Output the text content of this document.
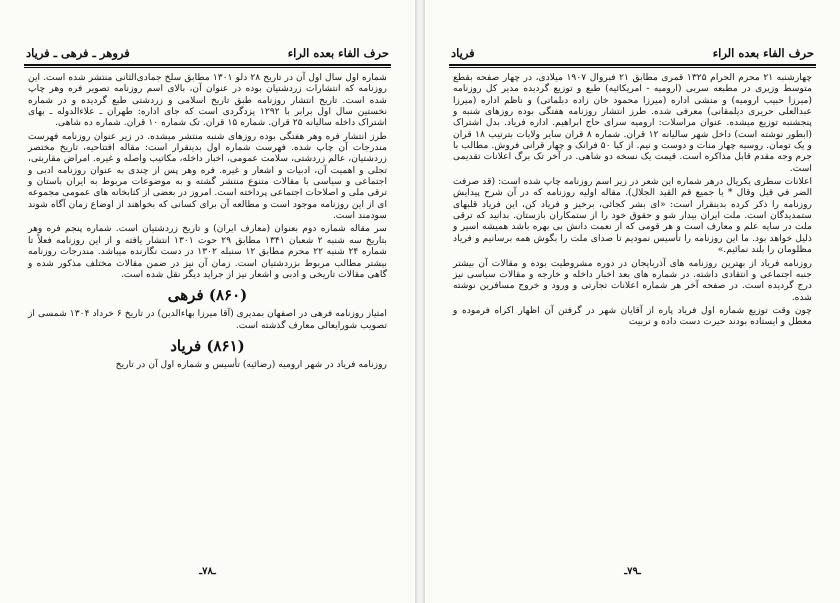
حرف الفاء بعده الراء
فروهر ـ فرهی ـ فریاد

شماره اول سال اول آن در تاریخ ۲۸ دلو ۱۳۰۱ مطابق سلخ جمادی‌الثانی منتشر شده است. این روزنامه که انتشارات زردشتیان بوده در عنوان آن، بالای اسم روزنامه تصویر فره وهر چاپ شده است. تاریخ انتشار روزنامه طبق تاریخ اسلامی و زردشتی طبع گردیده و در شماره نخستین سال اول برابر با ۱۲۹۲ یزدگردی است که جای اداره: طهران ـ علاءالدوله ـ بهای اشتراک داخله سالیانه ۲۵ قران. شماره ۱۵ قران. تک شماره ۱۰ قران. شماره ده شاهی.

طرز انتشار فره وهر هفتگی بوده روزهای شنبه منتشر میشده. در زیر عنوان روزنامه فهرست مندرجات آن چاپ شده. فهرست شماره اول بدینقرار است: مقاله افتتاحیه، تاریخ مختصر زردشتیان، عالم زردشتی، سلامت عمومی، اخبار داخله، مکاتیب واصله و غیره. امراض مقاربتی، تجلی و اهمیت آن، ادبیات و اشعار و غیره. فره وهر پس از چندی به عنوان روزنامه ادبی و اجتماعی و سیاسی با مقالات متنوع منتشر گشته و به موضوعات مربوط به ایران باستان و ترقی ملی و اصلاحات اجتماعی پرداخته است. امروز در بعضی از کتابخانه های عمومی مجموعه ای از این روزنامه موجود است و مطالعه آن برای کسانی که بخواهند از اوضاع زمان آگاه شوند سودمند است.

سر مقاله شماره دوم بعنوان (معارف ایران) و تاریخ زردشتیان است. شماره پنجم فره وهر بتاریخ سه شنبه ۲ شعبان ۱۳۴۱ مطابق ۲۹ حوت ۱۳۰۱ انتشار یافته و از این روزنامه فعلاً تا شماره ۲۴ شنبه ۲۲ محرم مطابق ۱۲ سنبله ۱۳۰۲ در دست نگارنده میباشد. مندرجات روزنامه بیشتر مطالب مربوط بزردشتیان است. زمان آن نیز در ضمن مقالات مختلف مذکور شده و گاهی مقالات تاریخی و ادبی و اشعار نیز از جراید دیگر نقل شده است.

(۸۶۰) فرهی

امتیاز روزنامه فرهی در اصفهان بمدیری (آقا میرزا بهاءالدین) در تاریخ ۶ خرداد ۱۳۰۴ شمسی از تصویب شورایعالی معارف گذشته است.

(۸۶۱) فریاد

روزنامه فریاد در شهر ارومیه (رضائیه) تأسیس و شماره اول آن در تاریخ

ـ۷۸ـ
حرف الفاء بعده الراء
فریاد

چهارشنبه ۲۱ محرم الحرام ۱۳۲۵ قمری مطابق ۲۱ فبروال ۱۹۰۷ میلادی، در چهار صفحه بقطع متوسط وزیری در مطبعه سربی (ارومیه - امریکائیه) طبع و توزیع گردیده مدیر کل روزنامه (میرزا حبیب ارومیه) و منشی اداره (میرزا محمود خان زاده دبلماتی) و ناظم اداره (میرزا عبدالعلی حریری دیلمقانی) معرفی شده. طرز انتشار روزنامه هفتگی بوده روزهای شنبه و پنجشنبه توزیع میشده. عنوان مراسلات: ارومیه سرای حاج ابراهیم. اداره فریاد. بدل اشتراک (ابطور نوشته است) داخل شهر سالیانه ۱۲ قران. شماره ۸ قران سایر ولایات بترتیب ۱۸ قران و یک تومان. روسیه چهار منات و دوست و نیم. از کیا ۵۰ فرانک و چهار قرانی فروش. مطالب با جرم وجه مقدم قابل مذاکره است. قیمت یک نسخه دو شاهی. در آخر تک برگ اعلانات تقدیمی است.

اعلانات سطری یکریال درهر شماره این شعر در زیر اسم روزنامه چاپ شده است: (قد صرفت الضر في قيل وقال * يا جميع قم القيد الجلال). مقاله اولیه روزنامه که در آن شرح پیدایش روزنامه را ذکر کرده بدینقرار است: «ای بشر کجائی، برخیز و فریاد کن، این فریاد قلبهای ستمدیدگان است. ملت ایران بیدار شو و حقوق خود را از ستمکاران بازستان. بدانید که ترقی ملت در سایه علم و معارف است و هر قومی که از نعمت دانش بی بهره باشد همیشه اسیر و ذلیل خواهد بود. ما این روزنامه را تأسیس نمودیم تا صدای ملت را بگوش همه برسانیم و فریاد مظلومان را بلند نمائیم.»

روزنامه فریاد از بهترین روزنامه های آذربایجان در دوره مشروطیت بوده و مقالات آن بیشتر جنبه اجتماعی و انتقادی داشته. در شماره های بعد اخبار داخله و خارجه و مقالات سیاسی نیز درج گردیده است. در صفحه آخر هر شماره اعلانات تجارتی و ورود و خروج مسافرین نوشته شده.

چون وقت توزیع شماره اول فریاد پاره از آقایان شهر در گرفتن آن اظهار اکراه فرموده و معطل و ایستاده بودند حیرت دست داده و تربیت

ـ۷۹ـ
